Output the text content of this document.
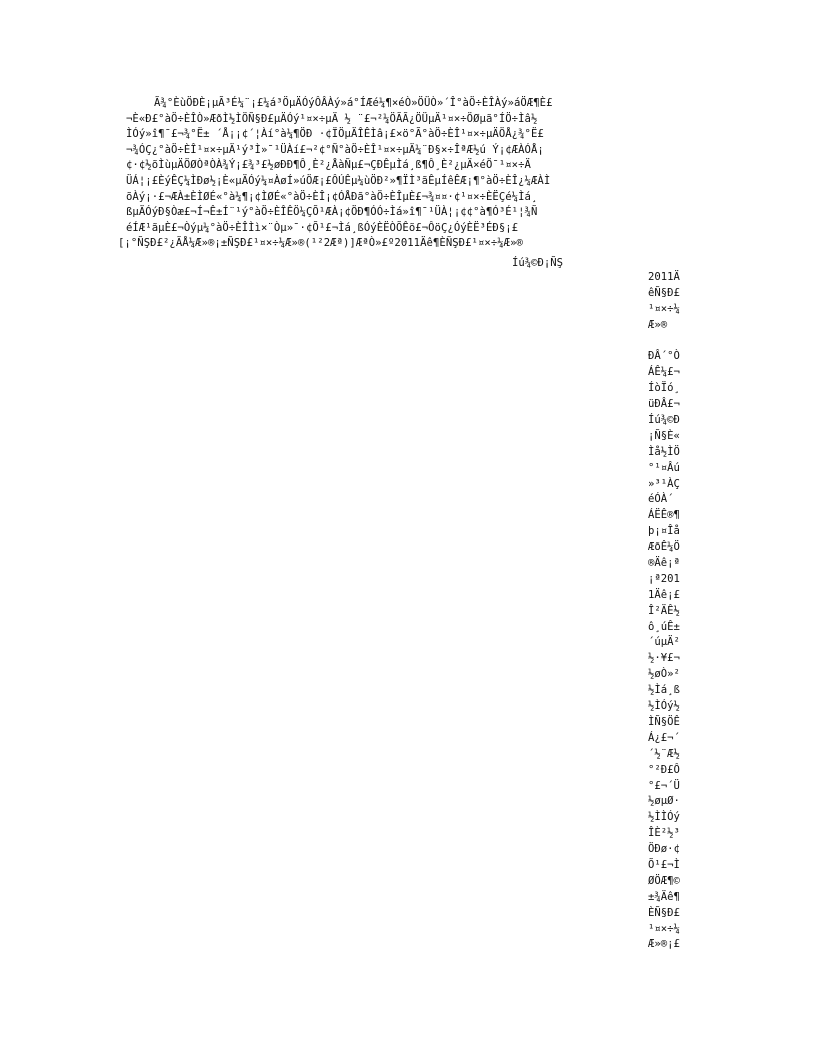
Ã¾°ÈùÖÐÈ¡µÃ³É¼¨¡£¼á³ÖµÄÓýÔÂÀý»á°ÍÆé¼¶×éÒ»ÖÜÒ»´Î°àÖ÷ÈÎÀý»áÖÆ¶È£
¬È«Ð£°àÖ÷ÈÎÒ»ÆðÌ½ÌÖÑ§Ð£µÄÓý¹¤×÷µÄ ½ ¨£¬²¼ÖÃÃ¿ÖÜµÄ¹¤×÷ÖØµã°ÍÖ÷Ìâ½
ÌÓý»î¶¯£¬¾°Ë± ´Å¡¡¢´¦Àí°à¼¶ÖÐ ·¢ÏÖµÄÎÊÌâ¡£×ö°Ã°àÖ÷ÈÎ¹¤×÷µÄÖÅ¿¾°Ë£
¬¾ÓÇ¿°àÖ÷ÈÎ¹¤×÷µÄ¹ý³Ì»¯¹ÜÀí£¬²¢°Ñ°àÖ÷ÈÎ¹¤×÷µÄ¼¨Ð§×÷ÎªÆ½ú Ý¡¢ÆÀÓÅ¡
¢·¢½õÌùµÄÖØÒªÒÀ¾Ý¡£¾³£½øÐÐ¶Ô¸È²¿ÅàÑµ£¬ÇÐÊµÌá¸ß¶Ô¸È²¿µÄ×éÖ¯¹¤×÷Ä
ÜÁ¦¡£ÈýÊÇ¼ÌÐø½¡È«µÄÓý¼¤ÀøÍ»úÖÆ¡£ÔÚÊµ¼ùÖÐ²»¶ÏÌ³ãÊµÍêÊÆ¡¶°àÖ÷ÈÎ¿¼ÆÀÌ
õÀý¡·£¬ÆÀ±ÈÌØÉ«°à¼¶¡¢ÌØÉ«°àÖ÷ÈÎ¡¢ÓÅÐã°àÖ÷ÈÎµÈ£¬¾¤¤·¢¹¤×÷ÈËÇé¼Ìá¸
ßµÄÓýÐ§Òæ£¬Í¬Ê±Í¨¹ý°àÖ÷ÈÎÊÖ¼ÇÕ¹ÆÀ¡¢ÖÐ¶ÓÓ÷Ìá»î¶¯¹ÜÀ¦¡¢¢°à¶Ó³É¹¦¾Ñ
éÍÆ¹ãµÈ£¬Òýµ¼°àÖ÷ÈÎÌì×¨Òµ»¯·¢Õ¹£¬Ìá¸ßÓýÈËÒÕÊõ£¬ÔöÇ¿ÓýÈË³ÉÐ§¡£
[¡°ÑŞÐ£²¿ÃÅ¼Æ»®¡±ÑŞÐ£¹¤×÷¼Æ»®(¹²2Æª)]ÆªÒ»£º2011Äê¶ÈÑŞÐ£¹¤×÷¼Æ»®
Íú¾©Ð¡ÑŞ
2011Ä
êÑ§Ð£
¹¤×÷¼
Æ»®
ÐÂ´°Ò
ÁÊ¼£¬
ÍòÏó¸
üÐÂ£¬
Íú¾©Ð
¡Ñ§È«
Ìå½ÌÖ
°¹¤Âú
»³¹ÀÇ
éÓÀ´
ÁËÊ®¶
þ¡¤Îå
ÆðÊ¼Ö
®Äê¡ª
¡ª201
1Äê¡£
Î²ÄÊ½
ô¸úÊ±
´úµÄ²
½·¥£¬
½øÒ»²
½Ìá¸ß
½ÌÓý½
ÌÑ§ÖÊ
Á¿£¬´
´½¨Æ½
°²Ð£Ô
°£¬´Ü
½øµØ·
½ÌÌÓý
ÎÈ²½³
ÖÐø·¢
Õ¹£¬Ì
ØÖÆ¶©
±¾Äê¶
ÈÑ§Ð£
¹¤×÷¼
Æ»®¡£
